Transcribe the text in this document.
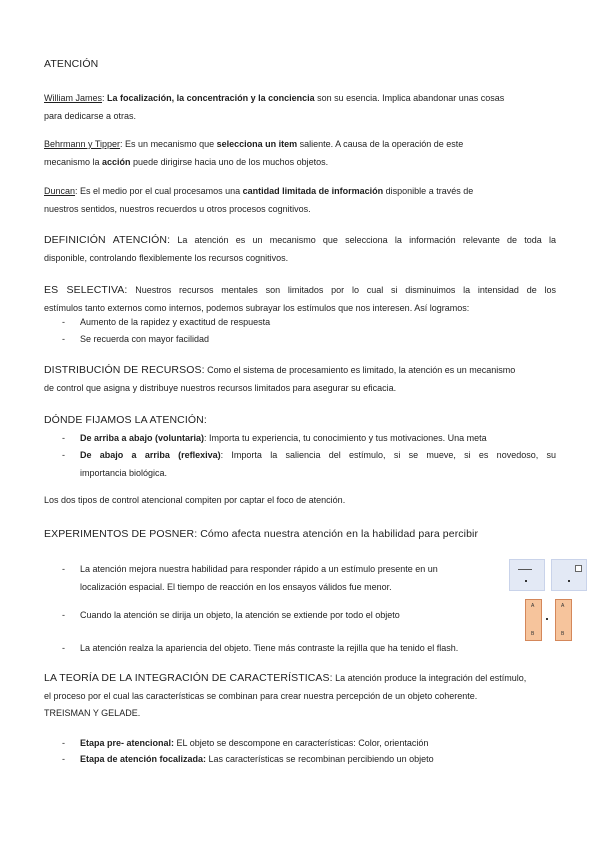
ATENCIÓN
William James: La focalización, la concentración y la conciencia son su esencia. Implica abandonar unas cosas
para dedicarse a otras.
Behrmann y Tipper: Es un mecanismo que selecciona un item saliente. A causa de la operación de este
mecanismo la acción puede dirigirse hacia uno de los muchos objetos.
Duncan: Es el medio por el cual procesamos una cantidad limitada de información disponible a través de
nuestros sentidos, nuestros recuerdos u otros procesos cognitivos.
DEFINICIÓN ATENCIÓN: La atención es un mecanismo que selecciona la información relevante de toda la
disponible, controlando flexiblemente los recursos cognitivos.
ES SELECTIVA: Nuestros recursos mentales son limitados por lo cual si disminuimos la intensidad de los
estímulos tanto externos como internos, podemos subrayar los estímulos que nos interesen. Así logramos:
- Aumento de la rapidez y exactitud de respuesta
- Se recuerda con mayor facilidad
DISTRIBUCIÓN DE RECURSOS: Como el sistema de procesamiento es limitado, la atención es un mecanismo
de control que asigna y distribuye nuestros recursos limitados para asegurar su eficacia.
DÓNDE FIJAMOS LA ATENCIÓN:
- De arriba a abajo (voluntaria): Importa tu experiencia, tu conocimiento y tus motivaciones. Una meta
- De abajo a arriba (reflexiva): Importa la saliencia del estímulo, si se mueve, si es novedoso, su
importancia biológica.
Los dos tipos de control atencional compiten por captar el foco de atención.
EXPERIMENTOS DE POSNER: Cómo afecta nuestra atención en la habilidad para percibir
- La atención mejora nuestra habilidad para responder rápido a un estímulo presente en un
localización espacial. El tiempo de reacción en los ensayos válidos fue menor.
- Cuando la atención se dirija un objeto, la atención se extiende por todo el objeto
- La atención realza la apariencia del objeto. Tiene más contraste la rejilla que ha tenido el flash.
A
B
A
B
LA TEORÍA DE LA INTEGRACIÓN DE CARACTERÍSTICAS: La atención produce la integración del estímulo,
el proceso por el cual las características se combinan para crear nuestra percepción de un objeto coherente.
TREISMAN Y GELADE.
- Etapa pre- atencional: EL objeto se descompone en características: Color, orientación
- Etapa de atención focalizada: Las características se recombinan percibiendo un objeto
